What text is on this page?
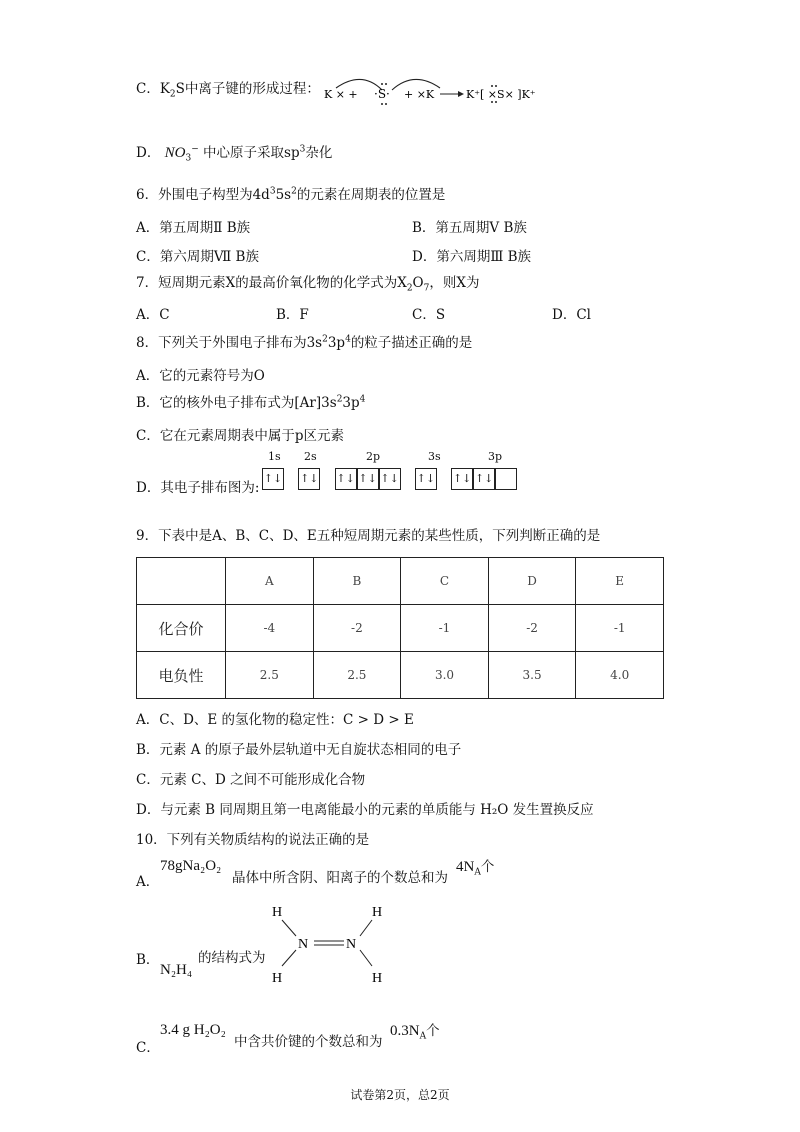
C．$K_2S$中离子键的形成过程： K × + ·S· + ×K	K⁺[ ×S× ]K⁺
D． $NO_3^-$ 中心原子采取$sp^3$杂化
6．外围电子构型为$4d^35s^2$的元素在周期表的位置是
A．第五周期Ⅱ B族	B．第五周期Ⅴ B族
C．第六周期Ⅶ B族	D．第六周期Ⅲ B族
7．短周期元素X的最高价氧化物的化学式为$X_2O_7$，则X为
A．C	B．F	C．S	D．Cl
8．下列关于外围电子排布为$3s^23p^4$的粒子描述正确的是
A．它的元素符号为O
B．它的核外电子排布式为$[Ar]3s^23p^4$
C．它在元素周期表中属于p区元素
D．其电子排布图为:
1s 2s	2p	3s	3p
↑↓ ↑↓ ↑↓ ↑↓ ↑↓ ↑↓ ↑↓ ↑↓
9．下表中是A、B、C、D、E五种短周期元素的某些性质，下列判断正确的是
	A	B	C	D	E
化合价	-4	-2	-1	-2	-1
电负性	2.5	2.5	3.0	3.5	4.0
A．C、D、E 的氢化物的稳定性：C > D > E
B．元素 A 的原子最外层轨道中无自旋状态相同的电子
C．元素 C、D 之间不可能形成化合物
D．与元素 B 同周期且第一电离能最小的元素的单质能与 H₂O 发生置换反应
10．下列有关物质结构的说法正确的是
A．
78gNa₂O₂
晶体中所含阴、阳离子的个数总和为
$4N_A$个
B．
N₂H₄
的结构式为
H	H
N	N
H	H
C．
3.4 g H₂O₂
中含共价键的个数总和为
$0.3N_A$个
试卷第2页，总2页
